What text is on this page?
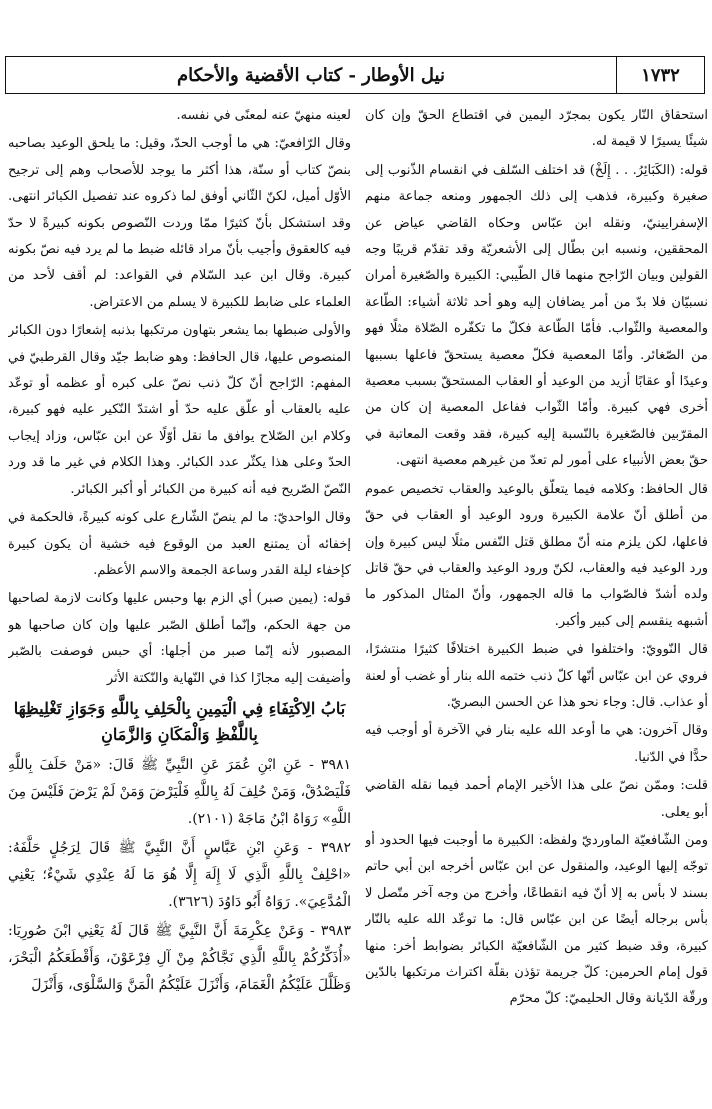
١٧٣٢
نيل الأوطار - كتاب الأقضية والأحكام

استحقاق النّار يكون بمجرّد اليمين في اقتطاع الحقّ وإن كان شيئًا يسيرًا لا قيمة له.

قوله: (الكَبَائِرُ. . . إِلَخْ) قد اختلف السّلف في انقسام الذّنوب إلى صغيرة وكبيرة، فذهب إلى ذلك الجمهور ومنعه جماعة منهم الإسفرايينيّ، ونقله ابن عبّاس وحكاه القاضي عياض عن المحققين، ونسبه ابن بطّال إلى الأشعريّة وقد تقدّم قريبًا وجه القولين وبيان الرّاجح منهما قال الطّيبي: الكبيرة والصّغيرة أمران نسبيّان فلا بدّ من أمر يضافان إليه وهو أحد ثلاثة أشياء: الطّاعة والمعصية والثّواب. فأمّا الطّاعة فكلّ ما تكفّره الصّلاة مثلًا فهو من الصّغائر. وأمّا المعصية فكلّ معصية يستحقّ فاعلها بسببها وعيدًا أو عقابًا أزيد من الوعيد أو العقاب المستحقّ بسبب معصية أخرى فهي كبيرة. وأمّا الثّواب ففاعل المعصية إن كان من المقرّبين فالصّغيرة بالنّسبة إليه كبيرة، فقد وقعت المعاتبة في حقّ بعض الأنبياء على أمور لم تعدّ من غيرهم معصية انتهى.

قال الحافظ: وكلامه فيما يتعلّق بالوعيد والعقاب تخصيص عموم من أطلق أنّ علامة الكبيرة ورود الوعيد أو العقاب في حقّ فاعلها، لكن يلزم منه أنّ مطلق قتل النّفس مثلًا ليس كبيرة وإن ورد الوعيد فيه والعقاب، لكنّ ورود الوعيد والعقاب في حقّ قاتل ولده أشدّ فالصّواب ما قاله الجمهور، وأنّ المثال المذكور ما أشبهه ينقسم إلى كبير وأكبر.

قال النّوويّ: واختلفوا في ضبط الكبيرة اختلافًا كثيرًا منتشرًا، فروي عن ابن عبّاس أنّها كلّ ذنب ختمه الله بنار أو غضب أو لعنة أو عذاب. قال: وجاء نحو هذا عن الحسن البصريّ.

وقال آخرون: هي ما أوعد الله عليه بنار في الآخرة أو أوجب فيه حدًّا في الدّنيا.

قلت: وممّن نصّ على هذا الأخير الإمام أحمد فيما نقله القاضي أبو يعلى.

ومن الشّافعيّة الماورديّ ولفظه: الكبيرة ما أوجبت فيها الحدود أو توجّه إليها الوعيد، والمنقول عن ابن عبّاس أخرجه ابن أبي حاتم بسند لا بأس به إلا أنّ فيه انقطاعًا، وأخرج من وجه آخر متّصل لا بأس برجاله أيضًا عن ابن عبّاس قال: ما توعّد الله عليه بالنّار كبيرة، وقد ضبط كثير من الشّافعيّة الكبائر بضوابط أخر: منها قول إمام الحرمين: كلّ جريمة تؤذن بقلّة اكتراث مرتكبها بالدّين ورقّة الدّيانة وقال الحليميّ: كلّ محرّم

لعينه منهيّ عنه لمعنًى في نفسه.

وقال الرّافعيّ: هي ما أوجب الحدّ، وقيل: ما يلحق الوعيد بصاحبه بنصّ كتاب أو سنّة، هذا أكثر ما يوجد للأصحاب وهم إلى ترجيح الأوّل أميل، لكنّ الثّاني أوفق لما ذكروه عند تفصيل الكبائر انتهى. وقد استشكل بأنّ كثيرًا ممّا وردت النّصوص بكونه كبيرةً لا حدّ فيه كالعقوق وأجيب بأنّ مراد قائله ضبط ما لم يرد فيه نصّ بكونه كبيرة. وقال ابن عبد السّلام في القواعد: لم أقف لأحد من العلماء على ضابط للكبيرة لا يسلم من الاعتراض.

والأولى ضبطها بما يشعر بتهاون مرتكبها بذنبه إشعارًا دون الكبائر المنصوص عليها، قال الحافظ: وهو ضابط جيّد وقال القرطبيّ في المفهم: الرّاجح أنّ كلّ ذنب نصّ على كبره أو عظمه أو توعّد عليه بالعقاب أو علّق عليه حدّ أو اشتدّ النّكير عليه فهو كبيرة، وكلام ابن الصّلاح يوافق ما نقل أوّلًا عن ابن عبّاس، وزاد إيجاب الحدّ وعلى هذا يكثّر عدد الكبائر. وهذا الكلام في غير ما قد ورد النّصّ الصّريح فيه أنه كبيرة من الكبائر أو أكبر الكبائر.

وقال الواحديّ: ما لم ينصّ الشّارع على كونه كبيرةً، فالحكمة في إخفائه أن يمتنع العبد من الوقوع فيه خشية أن يكون كبيرة كإخفاء ليلة القدر وساعة الجمعة والاسم الأعظم.

قوله: (يمين صبر) أي الزم بها وحبس عليها وكانت لازمة لصاحبها من جهة الحكم، وإنّما أطلق الصّبر عليها وإن كان صاحبها هو المصبور لأنه إنّما صبر من أجلها: أي حبس فوصفت بالصّبر وأضيفت إليه مجازًا كذا في النّهاية والنّكتة الأثر

بَابُ الِاكْتِفَاءِ فِي الْيَمِينِ بِالْحَلِفِ بِاللَّهِ وَجَوَازِ تَغْلِيظِهَا بِاللَّفْظِ وَالْمَكَانِ وَالزَّمَانِ

٣٩٨١ - عَنِ ابْنِ عُمَرَ عَنِ النَّبِيِّ ﷺ قَالَ: «مَنْ حَلَفَ بِاللَّهِ فَلْيَصْدُقْ، وَمَنْ حُلِفَ لَهُ بِاللَّهِ فَلْيَرْضَ وَمَنْ لَمْ يَرْضَ فَلَيْسَ مِنَ اللَّهِ» رَوَاهُ ابْنُ مَاجَهْ (٢١٠١).

٣٩٨٢ - وَعَنِ ابْنِ عَبَّاسٍ أَنَّ النَّبِيَّ ﷺ قَالَ لِرَجُلٍ حَلَّفَهُ: «احْلِفْ بِاللَّهِ الَّذِي لَا إِلَهَ إِلَّا هُوَ مَا لَهُ عِنْدِي شَيْءٌ؛ يَعْنِي الْمُدَّعِيَ». رَوَاهُ أَبُو دَاوُدَ (٣٦٢٦).

٣٩٨٣ - وَعَنْ عِكْرِمَةَ أَنَّ النَّبِيَّ ﷺ قَالَ لَهُ يَعْنِي ابْنَ صُورِيَا: «أُذَكِّرُكُمْ بِاللَّهِ الَّذِي نَجَّاكُمْ مِنْ آلِ فِرْعَوْنَ، وَأَقْطَعَكُمُ الْبَحْرَ، وَظَلَّلَ عَلَيْكُمُ الْغَمَامَ، وَأَنْزَلَ عَلَيْكُمُ الْمَنَّ وَالسَّلْوَى، وَأَنْزَلَ
